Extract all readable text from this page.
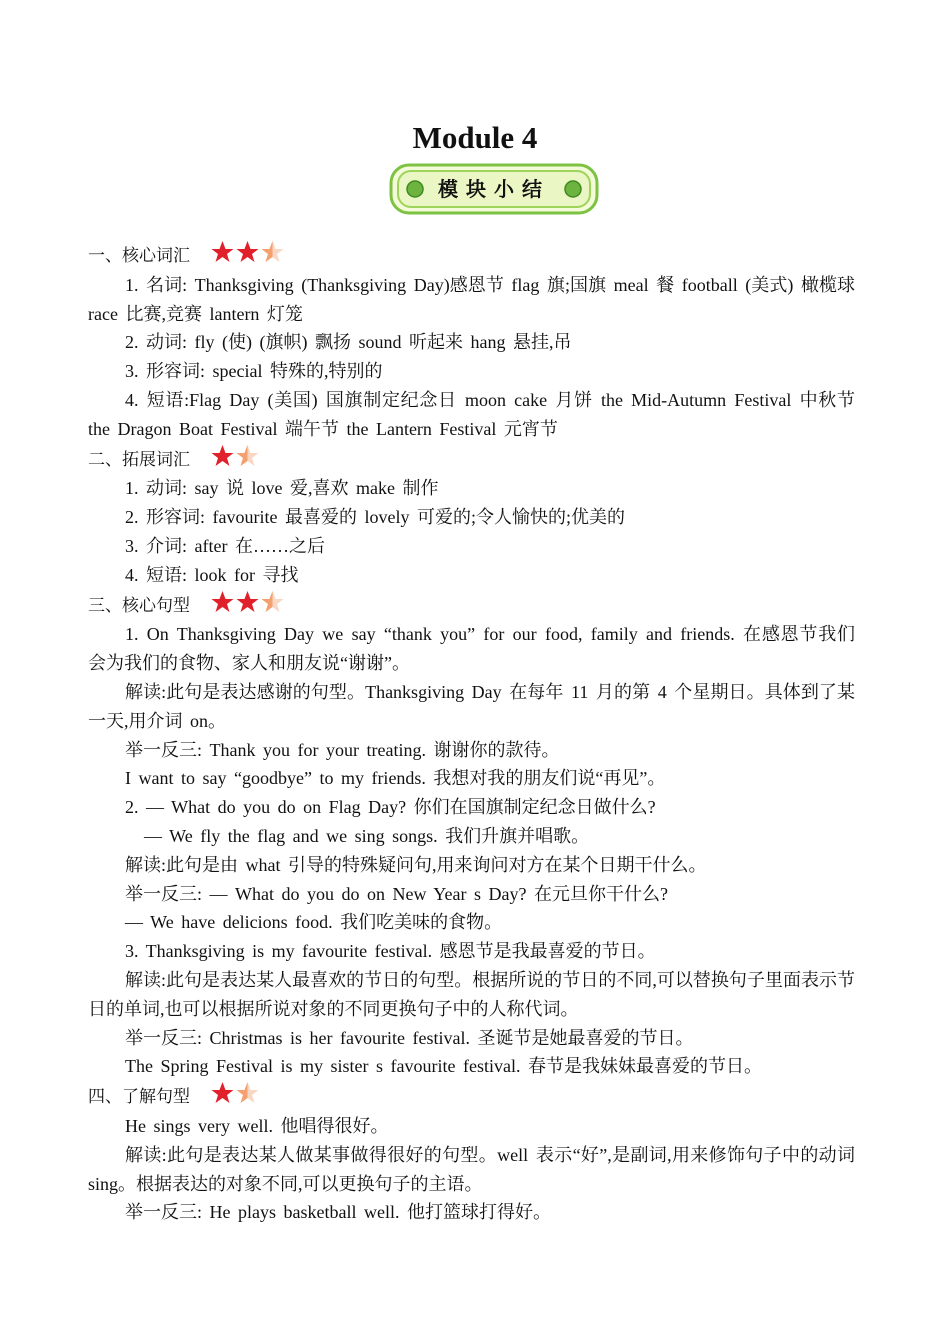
Module 4
模块小结

一、核心词汇

1. 名词: Thanksgiving (Thanksgiving Day)感恩节 flag 旗;国旗 meal 餐 football (美式) 橄榄球 race 比赛,竞赛 lantern 灯笼

2. 动词: fly (使) (旗帜) 飘扬 sound 听起来 hang 悬挂,吊

3. 形容词: special 特殊的,特别的

4. 短语:Flag Day (美国) 国旗制定纪念日 moon cake 月饼 the Mid-Autumn Festival 中秋节 the Dragon Boat Festival 端午节 the Lantern Festival 元宵节

二、拓展词汇

1. 动词: say 说 love 爱,喜欢 make 制作

2. 形容词: favourite 最喜爱的 lovely 可爱的;令人愉快的;优美的

3. 介词: after 在……之后

4. 短语: look for 寻找

三、核心句型

1. On Thanksgiving Day we say “thank you” for our food, family and friends. 在感恩节我们会为我们的食物、家人和朋友说“谢谢”。

解读:此句是表达感谢的句型。Thanksgiving Day 在每年 11 月的第 4 个星期日。具体到了某一天,用介词 on。

举一反三: Thank you for your treating. 谢谢你的款待。

I want to say “goodbye” to my friends. 我想对我的朋友们说“再见”。

2. — What do you do on Flag Day? 你们在国旗制定纪念日做什么?

— We fly the flag and we sing songs. 我们升旗并唱歌。

解读:此句是由 what 引导的特殊疑问句,用来询问对方在某个日期干什么。

举一反三: — What do you do on New Year s Day? 在元旦你干什么?

— We have delicions food. 我们吃美味的食物。

3. Thanksgiving is my favourite festival. 感恩节是我最喜爱的节日。

解读:此句是表达某人最喜欢的节日的句型。根据所说的节日的不同,可以替换句子里面表示节日的单词,也可以根据所说对象的不同更换句子中的人称代词。

举一反三: Christmas is her favourite festival. 圣诞节是她最喜爱的节日。

The Spring Festival is my sister s favourite festival. 春节是我妹妹最喜爱的节日。

四、了解句型

He sings very well. 他唱得很好。

解读:此句是表达某人做某事做得很好的句型。well 表示“好”,是副词,用来修饰句子中的动词 sing。根据表达的对象不同,可以更换句子的主语。

举一反三: He plays basketball well. 他打篮球打得好。
